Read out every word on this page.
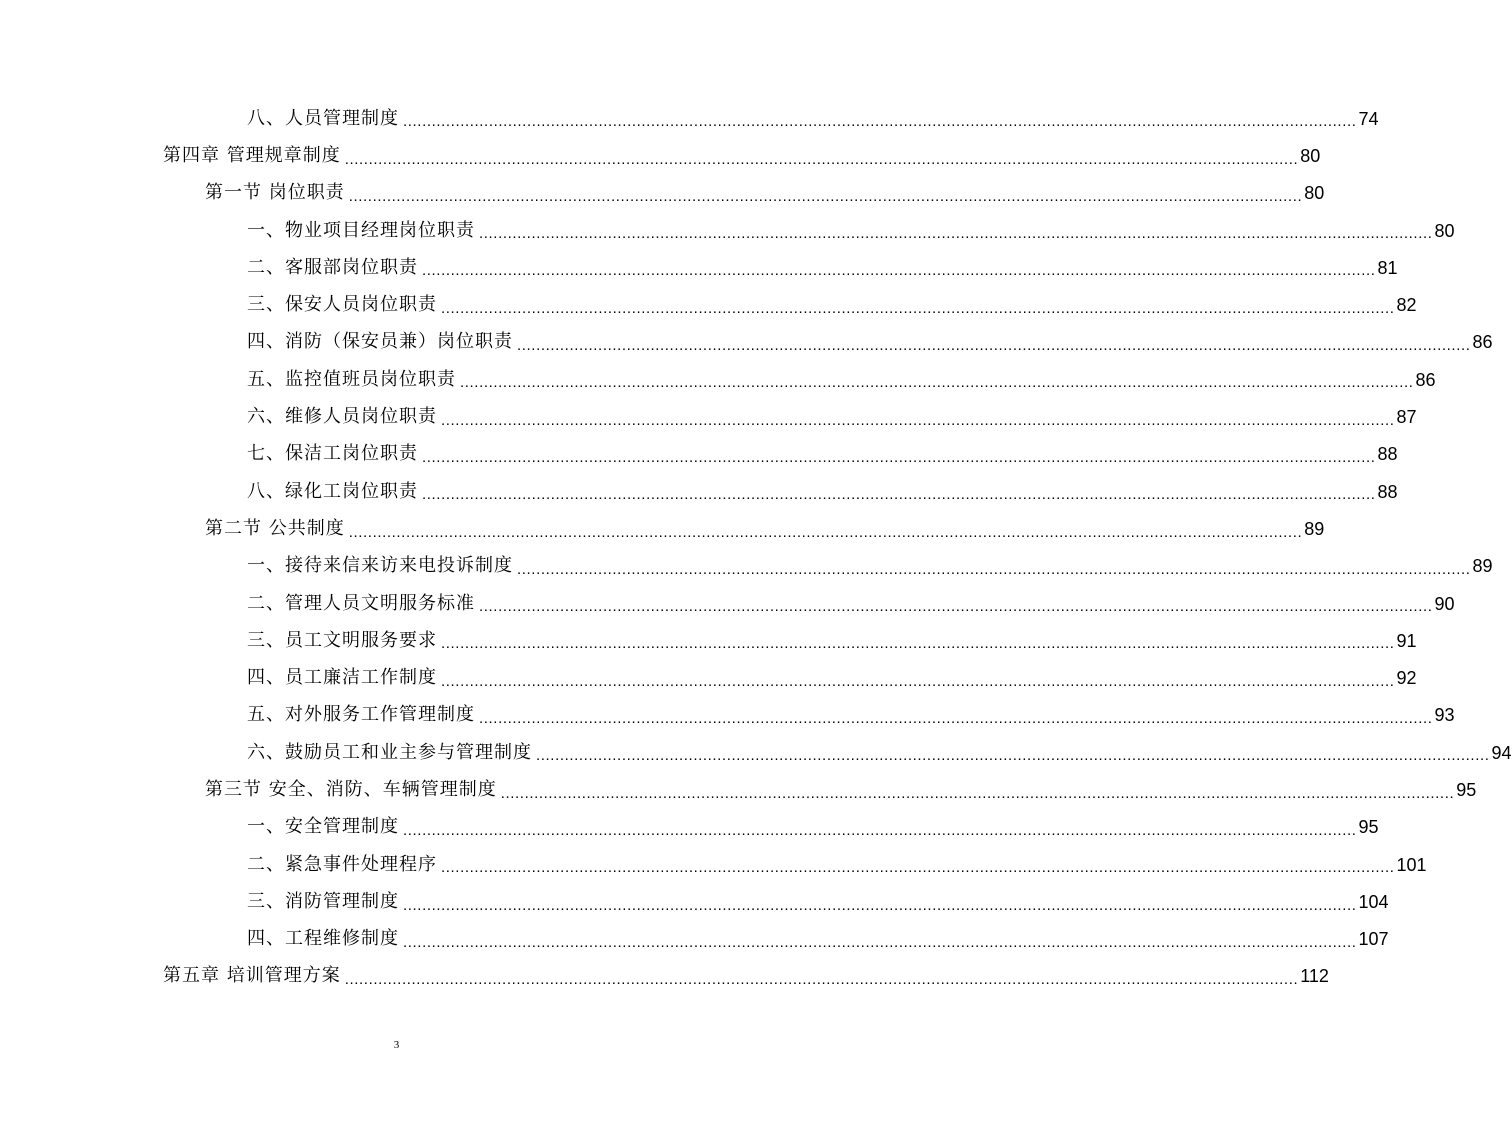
八、人员管理制度 ........................................................................................................................................................................................................ 74
第四章 管理规章制度 ........................................................................................................................................................................................................ 80
第一节 岗位职责 ........................................................................................................................................................................................................ 80
一、物业项目经理岗位职责 ........................................................................................................................................................................................................ 80
二、客服部岗位职责 ........................................................................................................................................................................................................ 81
三、保安人员岗位职责 ........................................................................................................................................................................................................ 82
四、消防（保安员兼）岗位职责 ........................................................................................................................................................................................................ 86
五、监控值班员岗位职责 ........................................................................................................................................................................................................ 86
六、维修人员岗位职责 ........................................................................................................................................................................................................ 87
七、保洁工岗位职责 ........................................................................................................................................................................................................ 88
八、绿化工岗位职责 ........................................................................................................................................................................................................ 88
第二节 公共制度 ........................................................................................................................................................................................................ 89
一、接待来信来访来电投诉制度 ........................................................................................................................................................................................................ 89
二、管理人员文明服务标准 ........................................................................................................................................................................................................ 90
三、员工文明服务要求 ........................................................................................................................................................................................................ 91
四、员工廉洁工作制度 ........................................................................................................................................................................................................ 92
五、对外服务工作管理制度 ........................................................................................................................................................................................................ 93
六、鼓励员工和业主参与管理制度 ........................................................................................................................................................................................................ 94
第三节 安全、消防、车辆管理制度 ........................................................................................................................................................................................................ 95
一、安全管理制度 ........................................................................................................................................................................................................ 95
二、紧急事件处理程序 ........................................................................................................................................................................................................ 101
三、消防管理制度 ........................................................................................................................................................................................................ 104
四、工程维修制度 ........................................................................................................................................................................................................ 107
第五章 培训管理方案 ........................................................................................................................................................................................................ 112
3
